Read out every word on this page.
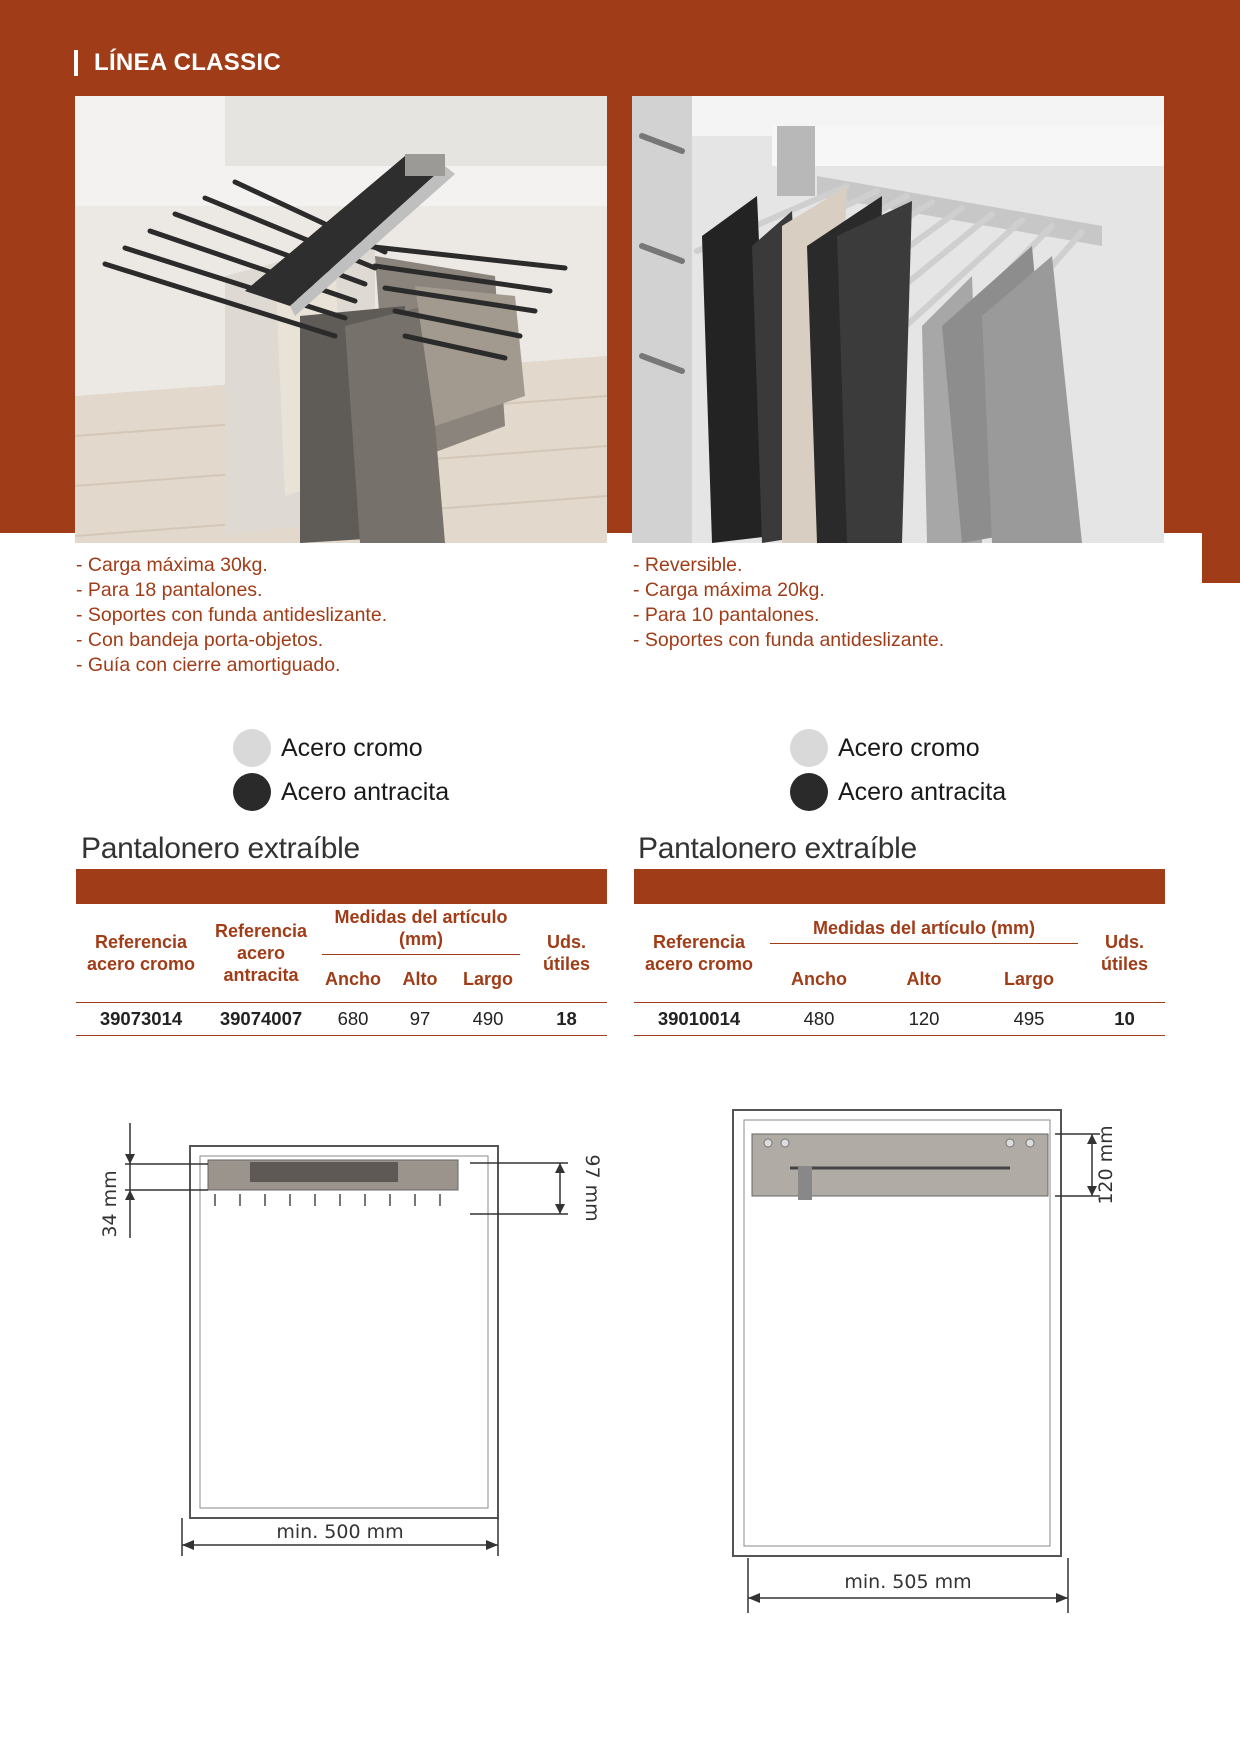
LÍNEA CLASSIC
- Carga máxima 30kg.
- Para 18 pantalones.
- Soportes con funda antideslizante.
- Con bandeja porta-objetos.
- Guía con cierre amortiguado.
- Reversible.
- Carga máxima 20kg.
- Para 10 pantalones.
- Soportes con funda antideslizante.
Acero cromo
Acero antracita
Acero cromo
Acero antracita
Pantalonero extraíble	Pantalonero extraíble
Referencia acero cromo	Referencia acero antracita	Medidas del artículo (mm)			Uds. útiles
		Ancho	Alto	Largo	
39073014	39074007	680	97	490	18
Referencia acero cromo	Medidas del artículo (mm)			Uds. útiles
	Ancho	Alto	Largo	
39010014	480	120	495	10
34 mm	97 mm
min. 500 mm
120 mm
min. 505 mm
